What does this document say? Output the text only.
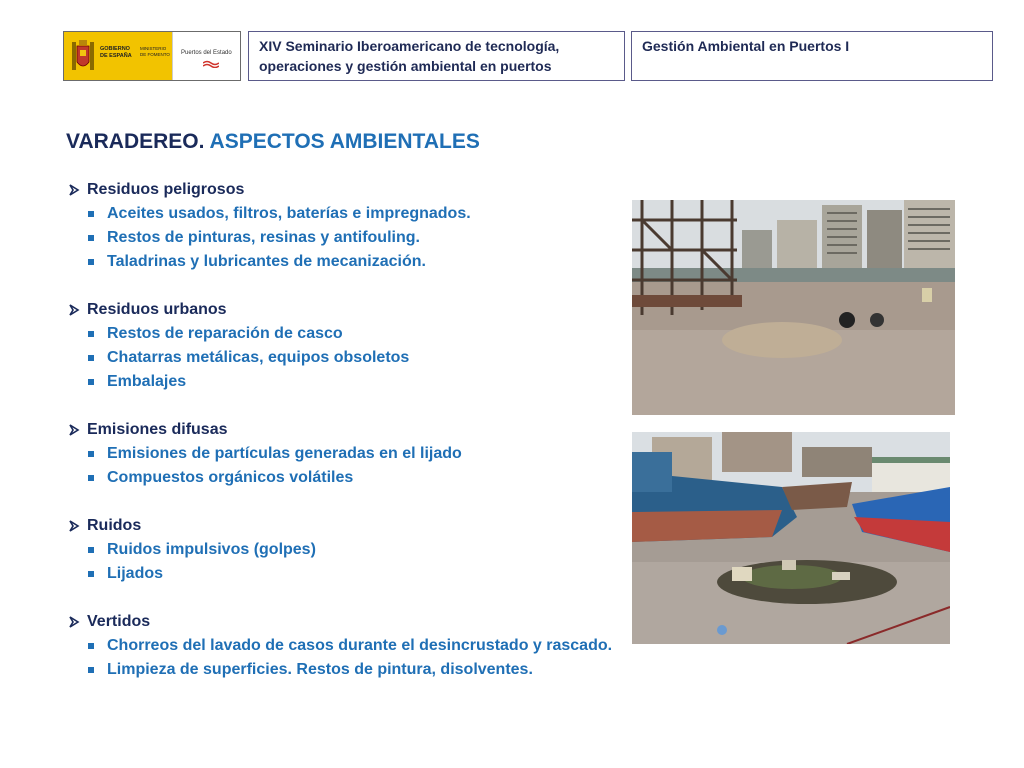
GOBIERNO DE ESPAÑA
MINISTERIO DE FOMENTO Puertos del Estado XIV Seminario Iberoamericano de tecnología,
operaciones y gestión ambiental en puertos
Gestión Ambiental en Puertos I
VARADEREO. ASPECTOS AMBIENTALES
Residuos peligrosos
Aceites usados, filtros, baterías e impregnados.
Restos de pinturas, resinas y antifouling.
Taladrinas y lubricantes de mecanización.
Residuos urbanos
Restos de reparación de casco
Chatarras metálicas, equipos obsoletos
Embalajes
Emisiones difusas
Emisiones de partículas generadas en el lijado
Compuestos orgánicos volátiles
Ruidos
Ruidos impulsivos (golpes)
Lijados
Vertidos
Chorreos del lavado de casos durante el desincrustado y rascado.
Limpieza de superficies. Restos de pintura, disolventes.
